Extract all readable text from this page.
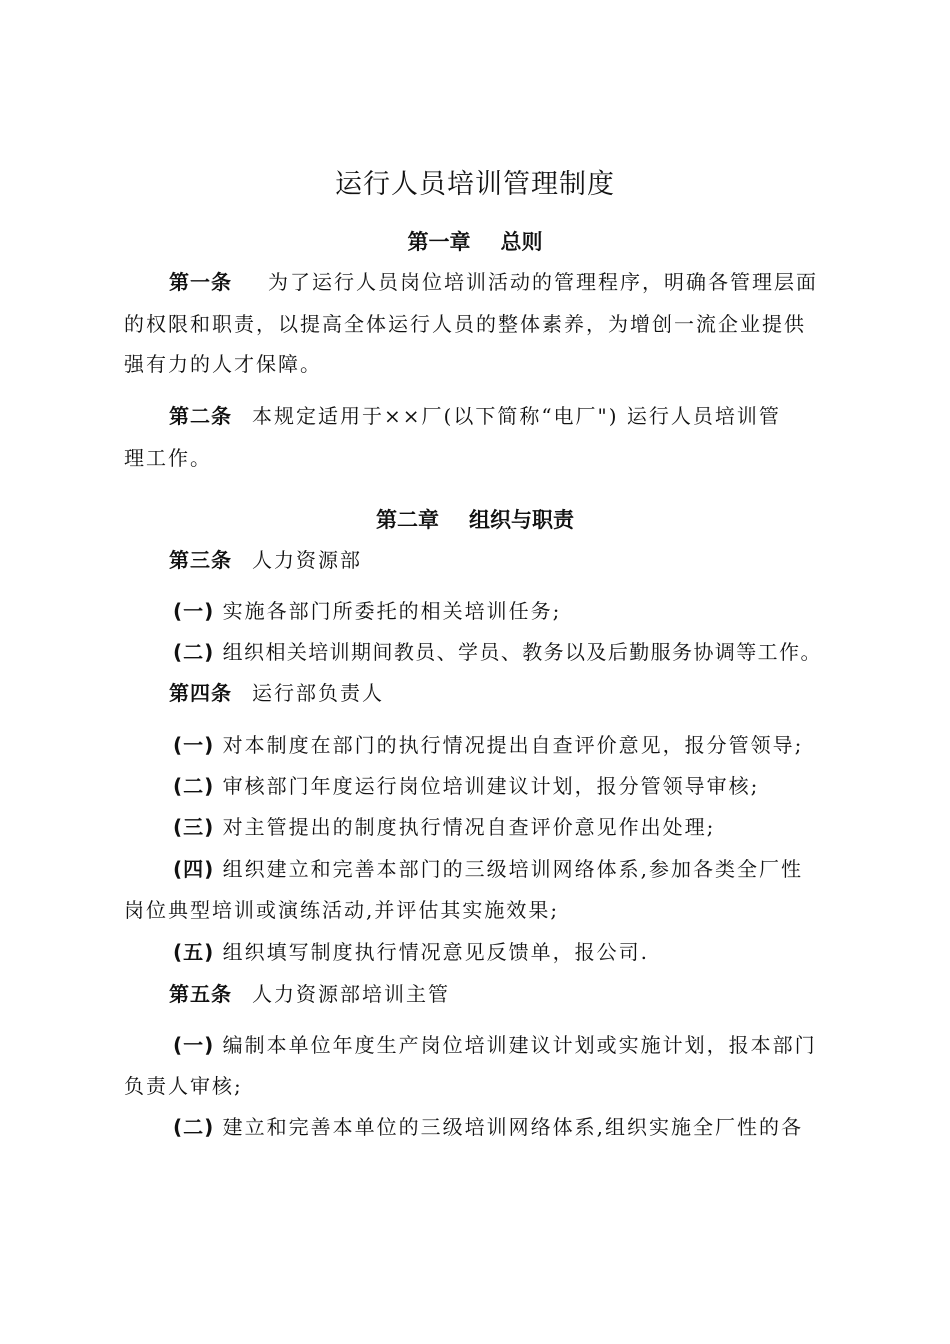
运行人员培训管理制度
第一章 总则
第一条 为了运行人员岗位培训活动的管理程序，明确各管理层面
的权限和职责，以提高全体运行人员的整体素养，为增创一流企业提供
强有力的人才保障。
第二条 本规定适用于××厂(以下简称“电厂") 运行人员培训管
理工作。
第二章 组织与职责
第三条 人力资源部
(一) 实施各部门所委托的相关培训任务;
(二) 组织相关培训期间教员、学员、教务以及后勤服务协调等工作。
第四条 运行部负责人
(一) 对本制度在部门的执行情况提出自查评价意见，报分管领导;
(二) 审核部门年度运行岗位培训建议计划，报分管领导审核;
(三) 对主管提出的制度执行情况自查评价意见作出处理;
(四) 组织建立和完善本部门的三级培训网络体系,参加各类全厂性
岗位典型培训或演练活动,并评估其实施效果;
(五) 组织填写制度执行情况意见反馈单，报公司.
第五条 人力资源部培训主管
(一) 编制本单位年度生产岗位培训建议计划或实施计划，报本部门
负责人审核;
(二) 建立和完善本单位的三级培训网络体系,组织实施全厂性的各
